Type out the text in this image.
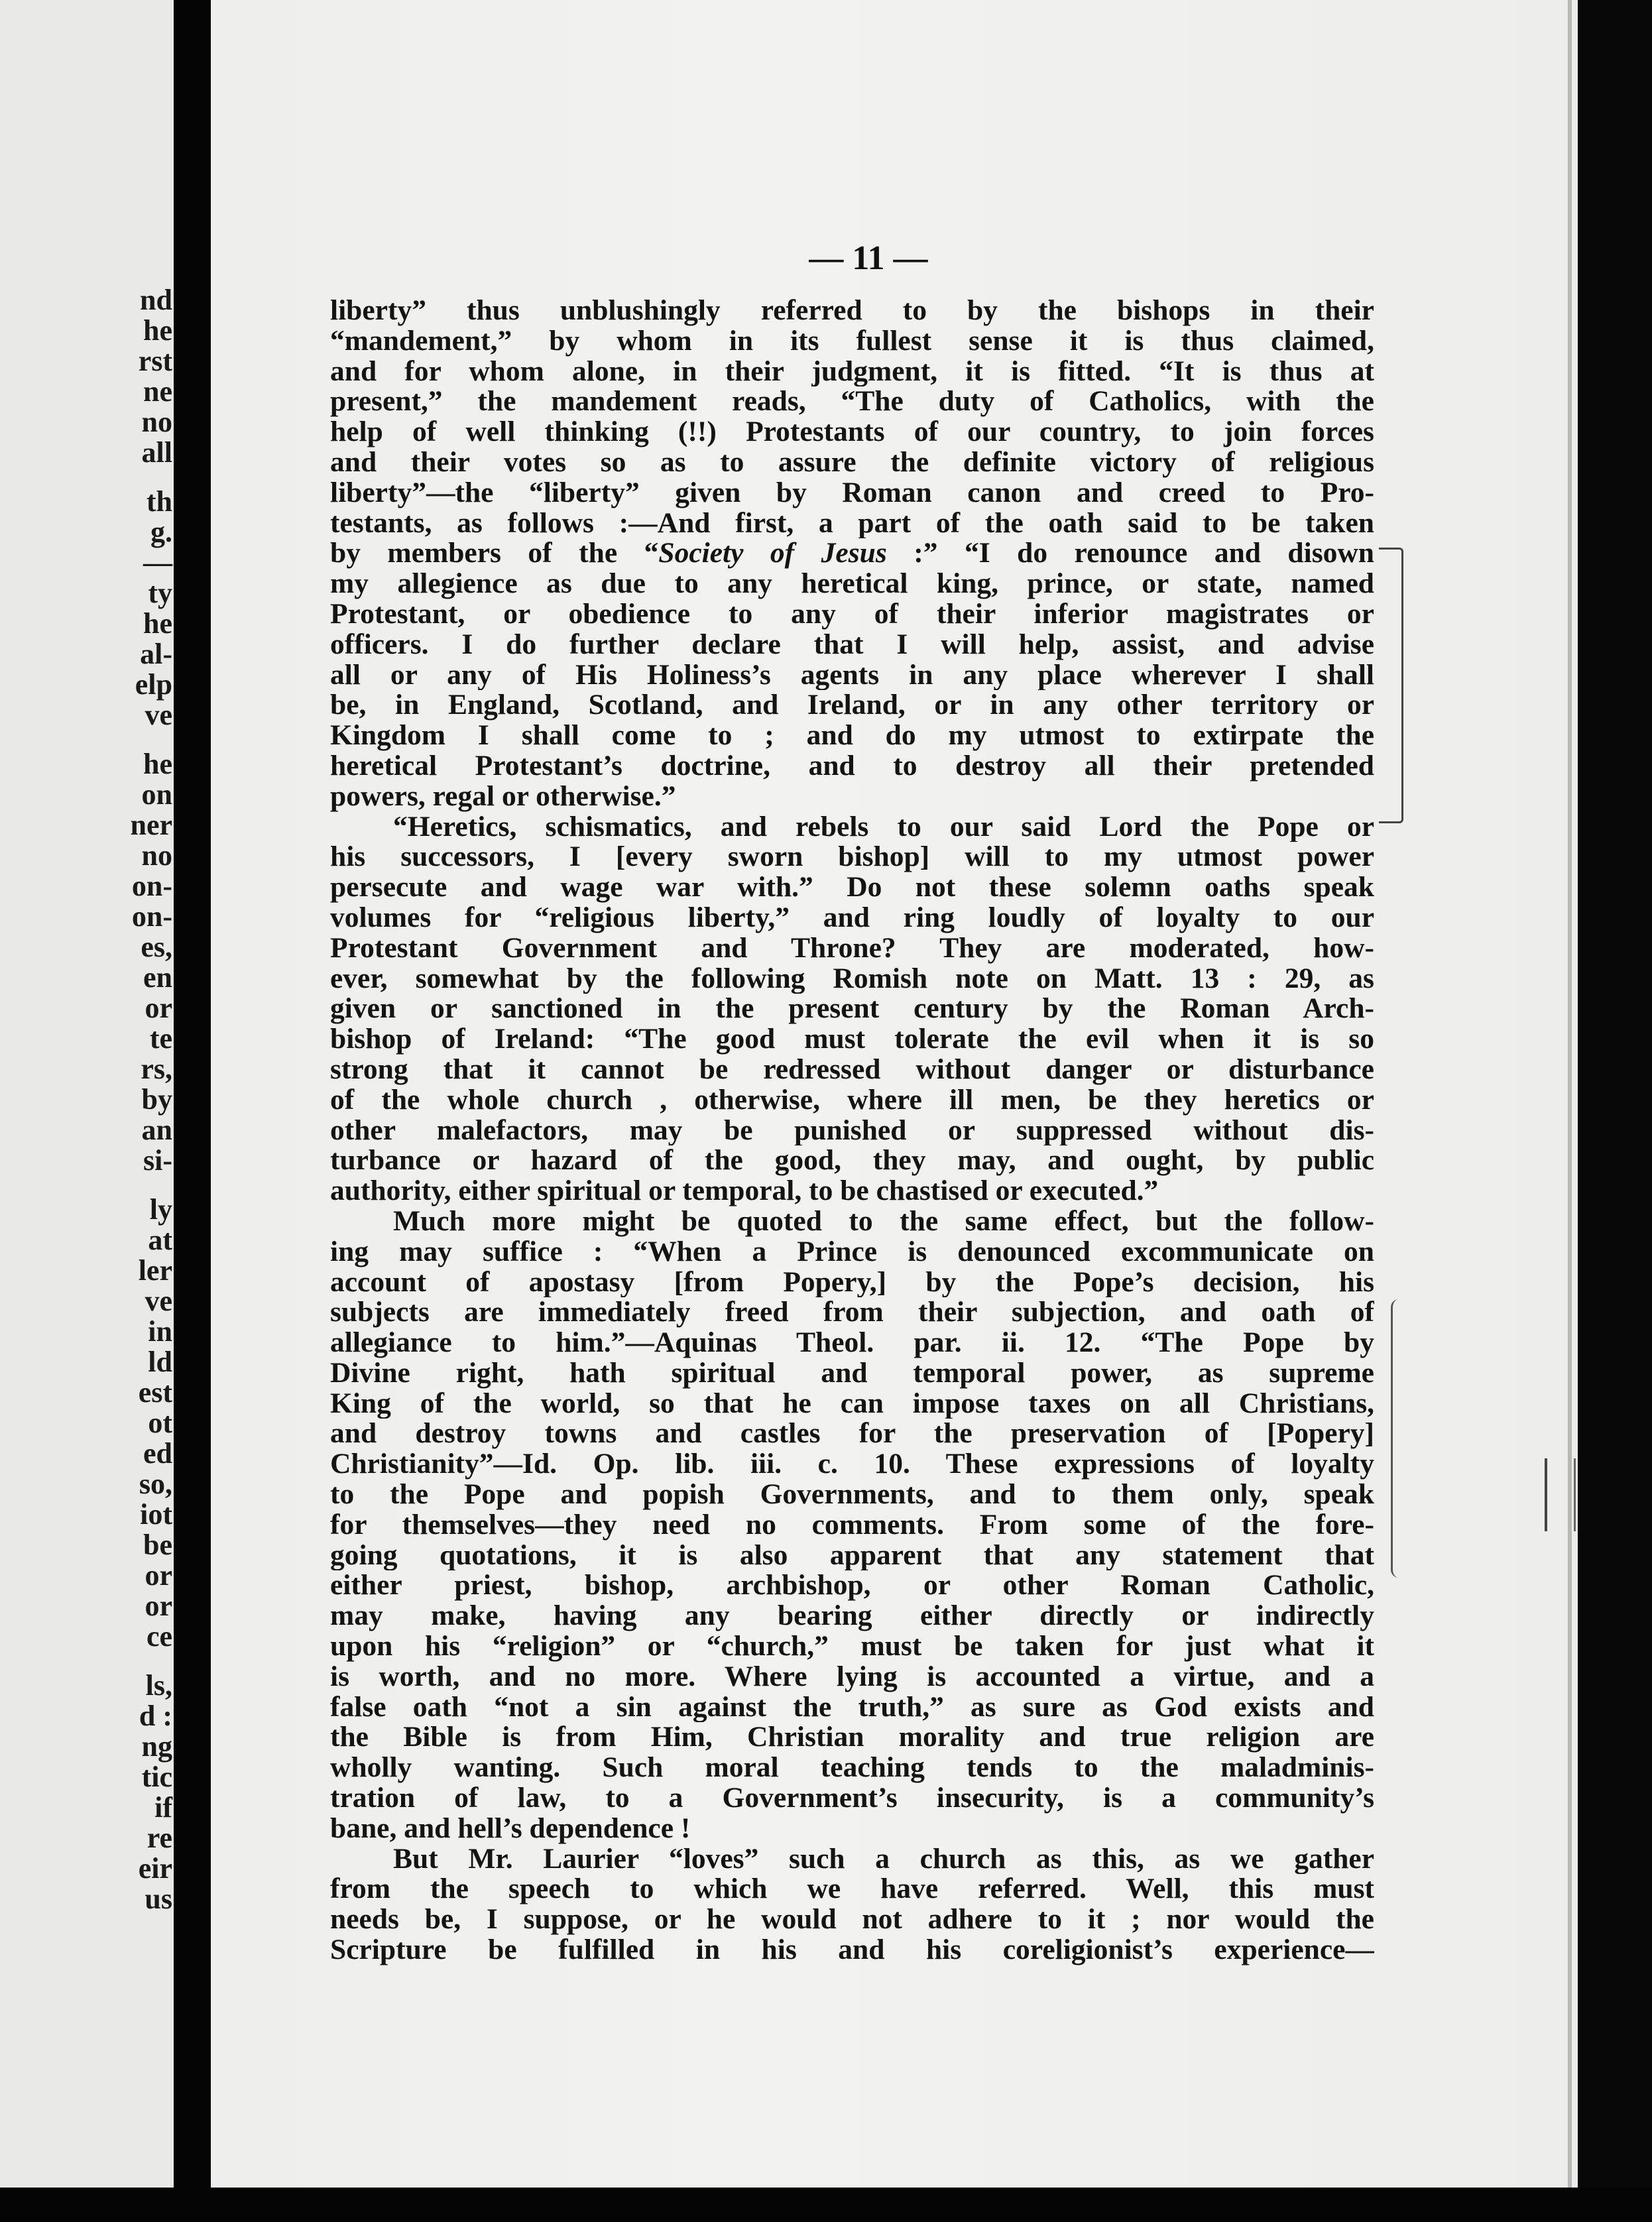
nd
he
rst
ne
no
all
th
g.
—
ty
he
al-
elp
ve
he
on
ner
no
on-
on-
es,
en
or
te
rs,
by
an
si-
ly
at
ler
ve
in
ld
est
ot
ed
so,
iot
be
or
or
ce
ls,
d :
ng
tic
if
re
eir
us
— 11 —
liberty” thus unblushingly referred to by the bishops in their
“mandement,” by whom in its fullest sense it is thus claimed,
and for whom alone, in their judgment, it is fitted. “It is thus at
present,” the mandement reads, “The duty of Catholics, with the
help of well thinking (!!) Protestants of our country, to join forces
and their votes so as to assure the definite victory of religious
liberty”—the “liberty” given by Roman canon and creed to Pro-
testants, as follows :—And first, a part of the oath said to be taken
by members of the “Society of Jesus :” “I do renounce and disown
my allegience as due to any heretical king, prince, or state, named
Protestant, or obedience to any of their inferior magistrates or
officers. I do further declare that I will help, assist, and advise
all or any of His Holiness’s agents in any place wherever I shall
be, in England, Scotland, and Ireland, or in any other territory or
Kingdom I shall come to ; and do my utmost to extirpate the
heretical Protestant’s doctrine, and to destroy all their pretended
powers, regal or otherwise.”
“Heretics, schismatics, and rebels to our said Lord the Pope or
his successors, I [every sworn bishop] will to my utmost power
persecute and wage war with.” Do not these solemn oaths speak
volumes for “religious liberty,” and ring loudly of loyalty to our
Protestant Government and Throne? They are moderated, how-
ever, somewhat by the following Romish note on Matt. 13 : 29, as
given or sanctioned in the present century by the Roman Arch-
bishop of Ireland: “The good must tolerate the evil when it is so
strong that it cannot be redressed without danger or disturbance
of the whole church , otherwise, where ill men, be they heretics or
other malefactors, may be punished or suppressed without dis-
turbance or hazard of the good, they may, and ought, by public
authority, either spiritual or temporal, to be chastised or executed.”
Much more might be quoted to the same effect, but the follow-
ing may suffice : “When a Prince is denounced excommunicate on
account of apostasy [from Popery,] by the Pope’s decision, his
subjects are immediately freed from their subjection, and oath of
allegiance to him.”—Aquinas Theol. par. ii. 12. “The Pope by
Divine right, hath spiritual and temporal power, as supreme
King of the world, so that he can impose taxes on all Christians,
and destroy towns and castles for the preservation of [Popery]
Christianity”—Id. Op. lib. iii. c. 10. These expressions of loyalty
to the Pope and popish Governments, and to them only, speak
for themselves—they need no comments. From some of the fore-
going quotations, it is also apparent that any statement that
either priest, bishop, archbishop, or other Roman Catholic,
may make, having any bearing either directly or indirectly
upon his “religion” or “church,” must be taken for just what it
is worth, and no more. Where lying is accounted a virtue, and a
false oath “not a sin against the truth,” as sure as God exists and
the Bible is from Him, Christian morality and true religion are
wholly wanting. Such moral teaching tends to the maladminis-
tration of law, to a Government’s insecurity, is a community’s
bane, and hell’s dependence !
But Mr. Laurier “loves” such a church as this, as we gather
from the speech to which we have referred. Well, this must
needs be, I suppose, or he would not adhere to it ; nor would the
Scripture be fulfilled in his and his coreligionist’s experience—
